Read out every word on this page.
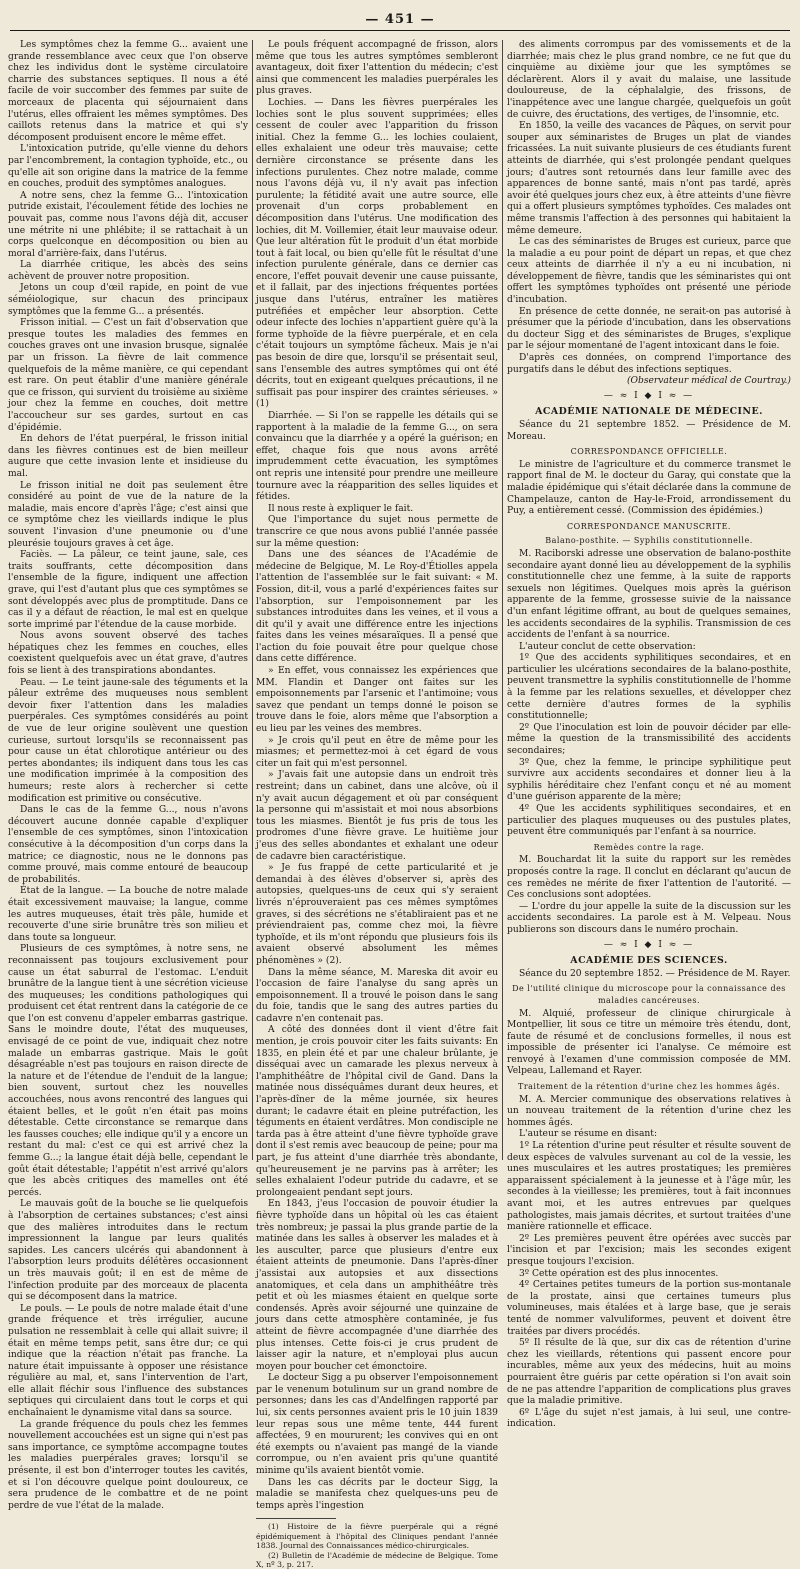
— 451 —

Les symptômes chez la femme G... avaient une grande ressemblance avec ceux que l'on observe chez les individus dont le système circulatoire charrie des substances septiques. Il nous a été facile de voir succomber des femmes par suite de morceaux de placenta qui séjournaient dans l'utérus, elles offraient les mêmes symptômes. Des caillots retenus dans la matrice et qui s'y décomposent produisent encore le même effet.

L'intoxication putride, qu'elle vienne du dehors par l'encombrement, la contagion typhoïde, etc., ou qu'elle ait son origine dans la matrice de la femme en couches, produit des symptômes analogues.

A notre sens, chez la femme G... l'intoxication putride existait, l'écoulement fétide des lochies ne pouvait pas, comme nous l'avons déjà dit, accuser une métrite ni une phlébite; il se rattachait à un corps quelconque en décomposition ou bien au moral d'arrière-faix, dans l'utérus.

La diarrhée critique, les abcès des seins achèvent de prouver notre proposition.

Jetons un coup d'œil rapide, en point de vue séméiologique, sur chacun des principaux symptômes que la femme G... a présentés.

Frisson initial. — C'est un fait d'observation que presque toutes les maladies des femmes en couches graves ont une invasion brusque, signalée par un frisson. La fièvre de lait commence quelquefois de la même manière, ce qui cependant est rare. On peut établir d'une manière générale que ce frisson, qui survient du troisième au sixième jour chez la femme en couches, doit mettre l'accoucheur sur ses gardes, surtout en cas d'épidémie.

En dehors de l'état puerpéral, le frisson initial dans les fièvres continues est de bien meilleur augure que cette invasion lente et insidieuse du mal.

Le frisson initial ne doit pas seulement être considéré au point de vue de la nature de la maladie, mais encore d'après l'âge; c'est ainsi que ce symptôme chez les vieillards indique le plus souvent l'invasion d'une pneumonie ou d'une pleurésie toujours graves à cet âge.

Faciès. — La pâleur, ce teint jaune, sale, ces traits souffrants, cette décomposition dans l'ensemble de la figure, indiquent une affection grave, qui l'est d'autant plus que ces symptômes se sont développés avec plus de promptitude. Dans ce cas il y a défaut de réaction, le mal est en quelque sorte imprimé par l'étendue de la cause morbide.

Nous avons souvent observé des taches hépatiques chez les femmes en couches, elles coexistent quelquefois avec un état grave, d'autres fois se lient à des transpirations abondantes.

Peau. — Le teint jaune-sale des téguments et la pâleur extrême des muqueuses nous semblent devoir fixer l'attention dans les maladies puerpérales. Ces symptômes considérés au point de vue de leur origine soulèvent une question curieuse, surtout lorsqu'ils se reconnaissent pas pour cause un état chlorotique antérieur ou des pertes abondantes; ils indiquent dans tous les cas une modification imprimée à la composition des humeurs; reste alors à rechercher si cette modification est primitive ou consécutive.

Dans le cas de la femme G..., nous n'avons découvert aucune donnée capable d'expliquer l'ensemble de ces symptômes, sinon l'intoxication consécutive à la décomposition d'un corps dans la matrice; ce diagnostic, nous ne le donnons pas comme prouvé, mais comme entouré de beaucoup de probabilités.

État de la langue. — La bouche de notre malade était excessivement mauvaise; la langue, comme les autres muqueuses, était très pâle, humide et recouverte d'une sirie brunâtre très son milieu et dans toute sa longueur.

Plusieurs de ces symptômes, à notre sens, ne reconnaissent pas toujours exclusivement pour cause un état saburral de l'estomac. L'enduit brunâtre de la langue tient à une sécrétion vicieuse des muqueuses; les conditions pathologiques qui produisent cet état rentrent dans la catégorie de ce que l'on est convenu d'appeler embarras gastrique. Sans le moindre doute, l'état des muqueuses, envisagé de ce point de vue, indiquait chez notre malade un embarras gastrique. Mais le goût désagréable n'est pas toujours en raison directe de la nature et de l'étendue de l'enduit de la langue; bien souvent, surtout chez les nouvelles accouchées, nous avons rencontré des langues qui étaient belles, et le goût n'en était pas moins détestable. Cette circonstance se remarque dans les fausses couches; elle indique qu'il y a encore un restant du mal: c'est ce qui est arrivé chez la femme G...; la langue était déjà belle, cependant le goût était détestable; l'appétit n'est arrivé qu'alors que les abcès critiques des mamelles ont été percés.

Le mauvais goût de la bouche se lie quelquefois à l'absorption de certaines substances; c'est ainsi que des malières introduites dans le rectum impressionnent la langue par leurs qualités sapides. Les cancers ulcérés qui abandonnent à l'absorption leurs produits délétères occasionnent un très mauvais goût; il en est de même de l'infection produite par des morceaux de placenta qui se décomposent dans la matrice.

Le pouls. — Le pouls de notre malade était d'une grande fréquence et très irrégulier, aucune pulsation ne ressemblait à celle qui allait suivre; il était en même temps petit, sans être dur; ce qui indique que la réaction n'était pas franche. La nature était impuissante à opposer une résistance régulière au mal, et, sans l'intervention de l'art, elle allait fléchir sous l'influence des substances septiques qui circulaient dans tout le corps et qui enchaînaient le dynamisme vital dans sa source.

La grande fréquence du pouls chez les femmes nouvellement accouchées est un signe qui n'est pas sans importance, ce symptôme accompagne toutes les maladies puerpérales graves; lorsqu'il se présente, il est bon d'interroger toutes les cavités, et si l'on découvre quelque point douloureux, ce sera prudence de le combattre et de ne point perdre de vue l'état de la malade.

Le pouls fréquent accompagné de frisson, alors même que tous les autres symptômes sembleront avantageux, doit fixer l'attention du médecin; c'est ainsi que commencent les maladies puerpérales les plus graves.

Lochies. — Dans les fièvres puerpérales les lochies sont le plus souvent supprimées; elles cessent de couler avec l'apparition du frisson initial. Chez la femme G... les lochies coulaient, elles exhalaient une odeur très mauvaise; cette dernière circonstance se présente dans les infections purulentes. Chez notre malade, comme nous l'avons déjà vu, il n'y avait pas infection purulente; la fétidité avait une autre source, elle provenait d'un corps probablement en décomposition dans l'utérus. Une modification des lochies, dit M. Voillemier, était leur mauvaise odeur. Que leur altération fût le produit d'un état morbide tout à fait local, ou bien qu'elle fût le résultat d'une infection purulente générale, dans ce dernier cas encore, l'effet pouvait devenir une cause puissante, et il fallait, par des injections fréquentes portées jusque dans l'utérus, entraîner les matières putréfiées et empêcher leur absorption. Cette odeur infecte des lochies n'appartient guère qu'à la forme typhoïde de la fièvre puerpérale, et en cela c'était toujours un symptôme fâcheux. Mais je n'ai pas besoin de dire que, lorsqu'il se présentait seul, sans l'ensemble des autres symptômes qui ont été décrits, tout en exigeant quelques précautions, il ne suffisait pas pour inspirer des craintes sérieuses. » (1)

Diarrhée. — Si l'on se rappelle les détails qui se rapportent à la maladie de la femme G..., on sera convaincu que la diarrhée y a opéré la guérison; en effet, chaque fois que nous avons arrêté imprudemment cette évacuation, les symptômes ont repris une intensité pour prendre une meilleure tournure avec la réapparition des selles liquides et fétides.

Il nous reste à expliquer le fait.

Que l'importance du sujet nous permette de transcrire ce que nous avons publié l'année passée sur la même question:

Dans une des séances de l'Académie de médecine de Belgique, M. Le Roy-d'Étiolles appela l'attention de l'assemblée sur le fait suivant: « M. Fossion, dit-il, vous a parlé d'expériences faites sur l'absorption, sur l'empoisonnement par les substances introduites dans les veines, et il vous a dit qu'il y avait une différence entre les injections faites dans les veines mésaraïques. Il a pensé que l'action du foie pouvait être pour quelque chose dans cette différence.

» En effet, vous connaissez les expériences que MM. Flandin et Danger ont faites sur les empoisonnements par l'arsenic et l'antimoine; vous savez que pendant un temps donné le poison se trouve dans le foie, alors même que l'absorption a eu lieu par les veines des membres.

» Je crois qu'il peut en être de même pour les miasmes; et permettez-moi à cet égard de vous citer un fait qui m'est personnel.

» J'avais fait une autopsie dans un endroit très restreint; dans un cabinet, dans une alcôve, où il n'y avait aucun dégagement et où par conséquent la personne qui m'assistait et moi nous absorbions tous les miasmes. Bientôt je fus pris de tous les prodromes d'une fièvre grave. Le huitième jour j'eus des selles abondantes et exhalant une odeur de cadavre bien caractéristique.

» Je fus frappé de cette particularité et je demandai à des élèves d'observer si, après des autopsies, quelques-uns de ceux qui s'y seraient livrés n'éprouveraient pas ces mêmes symptômes graves, si des sécrétions ne s'établiraient pas et ne préviendraient pas, comme chez moi, la fièvre typhoïde, et ils m'ont répondu que plusieurs fois ils avaient observé absolument les mêmes phénomènes » (2).

Dans la même séance, M. Mareska dit avoir eu l'occasion de faire l'analyse du sang après un empoisonnement. Il a trouvé le poison dans le sang du foie, tandis que le sang des autres parties du cadavre n'en contenait pas.

A côté des données dont il vient d'être fait mention, je crois pouvoir citer les faits suivants: En 1835, en plein été et par une chaleur brûlante, je disséquai avec un camarade les plexus nerveux à l'amphithéâtre de l'hôpital civil de Gand. Dans la matinée nous disséquâmes durant deux heures, et l'après-dîner de la même journée, six heures durant; le cadavre était en pleine putréfaction, les téguments en étaient verdâtres. Mon condisciple ne tarda pas à être atteint d'une fièvre typhoïde grave dont il s'est remis avec beaucoup de peine; pour ma part, je fus atteint d'une diarrhée très abondante, qu'heureusement je ne parvins pas à arrêter; les selles exhalaient l'odeur putride du cadavre, et se prolongeaient pendant sept jours.

En 1843, j'eus l'occasion de pouvoir étudier la fièvre typhoïde dans un hôpital où les cas étaient très nombreux; je passai la plus grande partie de la matinée dans les salles à observer les malades et à les ausculter, parce que plusieurs d'entre eux étaient atteints de pneumonie. Dans l'après-dîner j'assistai aux autopsies et aux dissections anatomiques, et cela dans un amphithéâtre très petit et où les miasmes étaient en quelque sorte condensés. Après avoir séjourné une quinzaine de jours dans cette atmosphère contaminée, je fus atteint de fièvre accompagnée d'une diarrhée des plus intenses. Cette fois-ci je crus prudent de laisser agir la nature, et n'employai plus aucun moyen pour boucher cet émonctoire.

Le docteur Sigg a pu observer l'empoisonnement par le venenum botulinum sur un grand nombre de personnes; dans les cas d'Andelfingen rapporté par lui, six cents personnes avaient pris le 10 juin 1839 leur repas sous une même tente, 444 furent affectées, 9 en moururent; les convives qui en ont été exempts ou n'avaient pas mangé de la viande corrompue, ou n'en avaient pris qu'une quantité minime qu'ils avaient bientôt vomie.

Dans les cas décrits par le docteur Sigg, la maladie se manifesta chez quelques-uns peu de temps après l'ingestion

(1) Histoire de la fièvre puerpérale qui a régné épidémiquement à l'hôpital des Cliniques pendant l'année 1838. Journal des Connaissances médico-chirurgicales.

(2) Bulletin de l'Académie de médecine de Belgique. Tome X, nº 3, p. 217.

des aliments corrompus par des vomissements et de la diarrhée; mais chez le plus grand nombre, ce ne fut que du cinquième au dixième jour que les symptômes se déclarèrent. Alors il y avait du malaise, une lassitude douloureuse, de la céphalalgie, des frissons, de l'inappétence avec une langue chargée, quelquefois un goût de cuivre, des éructations, des vertiges, de l'insomnie, etc.

En 1850, la veille des vacances de Pâques, on servit pour souper aux séminaristes de Bruges un plat de viandes fricassées. La nuit suivante plusieurs de ces étudiants furent atteints de diarrhée, qui s'est prolongée pendant quelques jours; d'autres sont retournés dans leur famille avec des apparences de bonne santé, mais n'ont pas tardé, après avoir été quelques jours chez eux, à être atteints d'une fièvre qui a offert plusieurs symptômes typhoïdes. Ces malades ont même transmis l'affection à des personnes qui habitaient la même demeure.

Le cas des séminaristes de Bruges est curieux, parce que la maladie a eu pour point de départ un repas, et que chez ceux atteints de diarrhée il n'y a eu ni incubation, ni développement de fièvre, tandis que les séminaristes qui ont offert les symptômes typhoïdes ont présenté une période d'incubation.

En présence de cette donnée, ne serait-on pas autorisé à présumer que la période d'incubation, dans les observations du docteur Sigg et des séminaristes de Bruges, s'explique par le séjour momentané de l'agent intoxicant dans le foie.

D'après ces données, on comprend l'importance des purgatifs dans le début des infections septiques.

(Observateur médical de Courtray.)

— ≈ I ◆ I ≈ —
ACADÉMIE NATIONALE DE MÉDECINE.

Séance du 21 septembre 1852. — Présidence de M. Moreau.

CORRESPONDANCE OFFICIELLE.

Le ministre de l'agriculture et du commerce transmet le rapport final de M. le docteur du Garay, qui constate que la maladie épidémique qui s'était déclarée dans la commune de Champelauze, canton de Hay-le-Froid, arrondissement du Puy, a entièrement cessé. (Commission des épidémies.)

CORRESPONDANCE MANUSCRITE.
Balano-posthite. — Syphilis constitutionnelle.

M. Raciborski adresse une observation de balano-posthite secondaire ayant donné lieu au développement de la syphilis constitutionnelle chez une femme, à la suite de rapports sexuels non légitimes. Quelques mois après la guérison apparente de la femme, grossesse suivie de la naissance d'un enfant légitime offrant, au bout de quelques semaines, les accidents secondaires de la syphilis. Transmission de ces accidents de l'enfant à sa nourrice.

L'auteur conclut de cette observation:

1º Que des accidents syphilitiques secondaires, et en particulier les ulcérations secondaires de la balano-posthite, peuvent transmettre la syphilis constitutionnelle de l'homme à la femme par les relations sexuelles, et développer chez cette dernière d'autres formes de la syphilis constitutionnelle;

2º Que l'inoculation est loin de pouvoir décider par elle-même la question de la transmissibilité des accidents secondaires;

3º Que, chez la femme, le principe syphilitique peut survivre aux accidents secondaires et donner lieu à la syphilis héréditaire chez l'enfant conçu et né au moment d'une guérison apparente de la mère;

4º Que les accidents syphilitiques secondaires, et en particulier des plaques muqueuses ou des pustules plates, peuvent être communiqués par l'enfant à sa nourrice.

Remèdes contre la rage.

M. Bouchardat lit la suite du rapport sur les remèdes proposés contre la rage. Il conclut en déclarant qu'aucun de ces remèdes ne mérite de fixer l'attention de l'autorité. — Ces conclusions sont adoptées.

— L'ordre du jour appelle la suite de la discussion sur les accidents secondaires. La parole est à M. Velpeau. Nous publierons son discours dans le numéro prochain.

— ≈ I ◆ I ≈ —
ACADÉMIE DES SCIENCES.

Séance du 20 septembre 1852. — Présidence de M. Rayer.

De l'utilité clinique du microscope pour la connaissance des maladies cancéreuses.

M. Alquié, professeur de clinique chirurgicale à Montpellier, lit sous ce titre un mémoire très étendu, dont, faute de résumé et de conclusions formelles, il nous est impossible de présenter ici l'analyse. Ce mémoire est renvoyé à l'examen d'une commission composée de MM. Velpeau, Lallemand et Rayer.

Traitement de la rétention d'urine chez les hommes âgés.

M. A. Mercier communique des observations relatives à un nouveau traitement de la rétention d'urine chez les hommes âgés.

L'auteur se résume en disant:

1º La rétention d'urine peut résulter et résulte souvent de deux espèces de valvules survenant au col de la vessie, les unes musculaires et les autres prostatiques; les premières apparaissent spécialement à la jeunesse et à l'âge mûr, les secondes à la vieillesse; les premières, tout à fait inconnues avant moi, et les autres entrevues par quelques pathologistes, mais jamais décrites, et surtout traitées d'une manière rationnelle et efficace.

2º Les premières peuvent être opérées avec succès par l'incision et par l'excision; mais les secondes exigent presque toujours l'excision.

3º Cette opération est des plus innocentes.

4º Certaines petites tumeurs de la portion sus-montanale de la prostate, ainsi que certaines tumeurs plus volumineuses, mais étalées et à large base, que je serais tenté de nommer valvuliformes, peuvent et doivent être traitées par divers procédés.

5º Il résulte de là que, sur dix cas de rétention d'urine chez les vieillards, rétentions qui passent encore pour incurables, même aux yeux des médecins, huit au moins pourraient être guéris par cette opération si l'on avait soin de ne pas attendre l'apparition de complications plus graves que la maladie primitive.

6º L'âge du sujet n'est jamais, à lui seul, une contre-indication.
